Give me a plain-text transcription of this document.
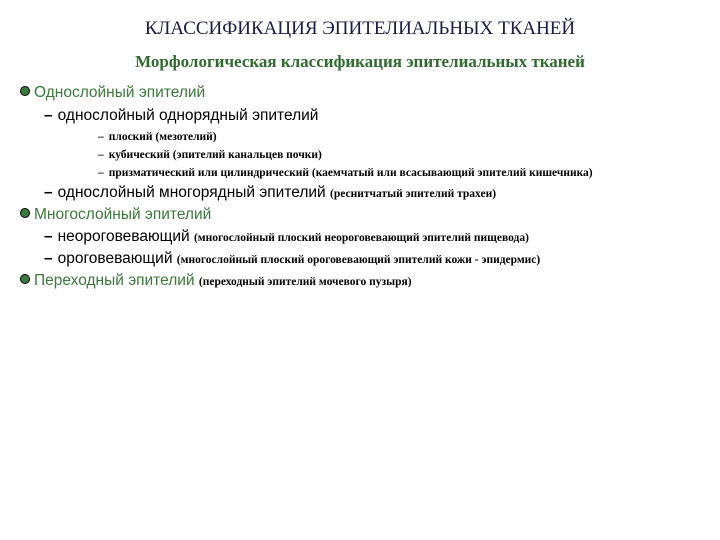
КЛАССИФИКАЦИЯ ЭПИТЕЛИАЛЬНЫХ ТКАНЕЙ
Морфологическая классификация эпителиальных тканей
Однослойный эпителий
– однослойный однорядный эпителий
– плоский (мезотелий)
– кубический (эпителий канальцев почки)
– призматический или цилиндрический (каемчатый или всасывающий эпителий кишечника)
– однослойный многорядный эпителий (реснитчатый эпителий трахеи)
Многослойный эпителий
– неороговевающий (многослойный плоский неороговевающий эпителий пищевода)
– ороговевающий (многослойный плоский ороговевающий эпителий кожи - эпидермис)
Переходный эпителий (переходный эпителий мочевого пузыря)
